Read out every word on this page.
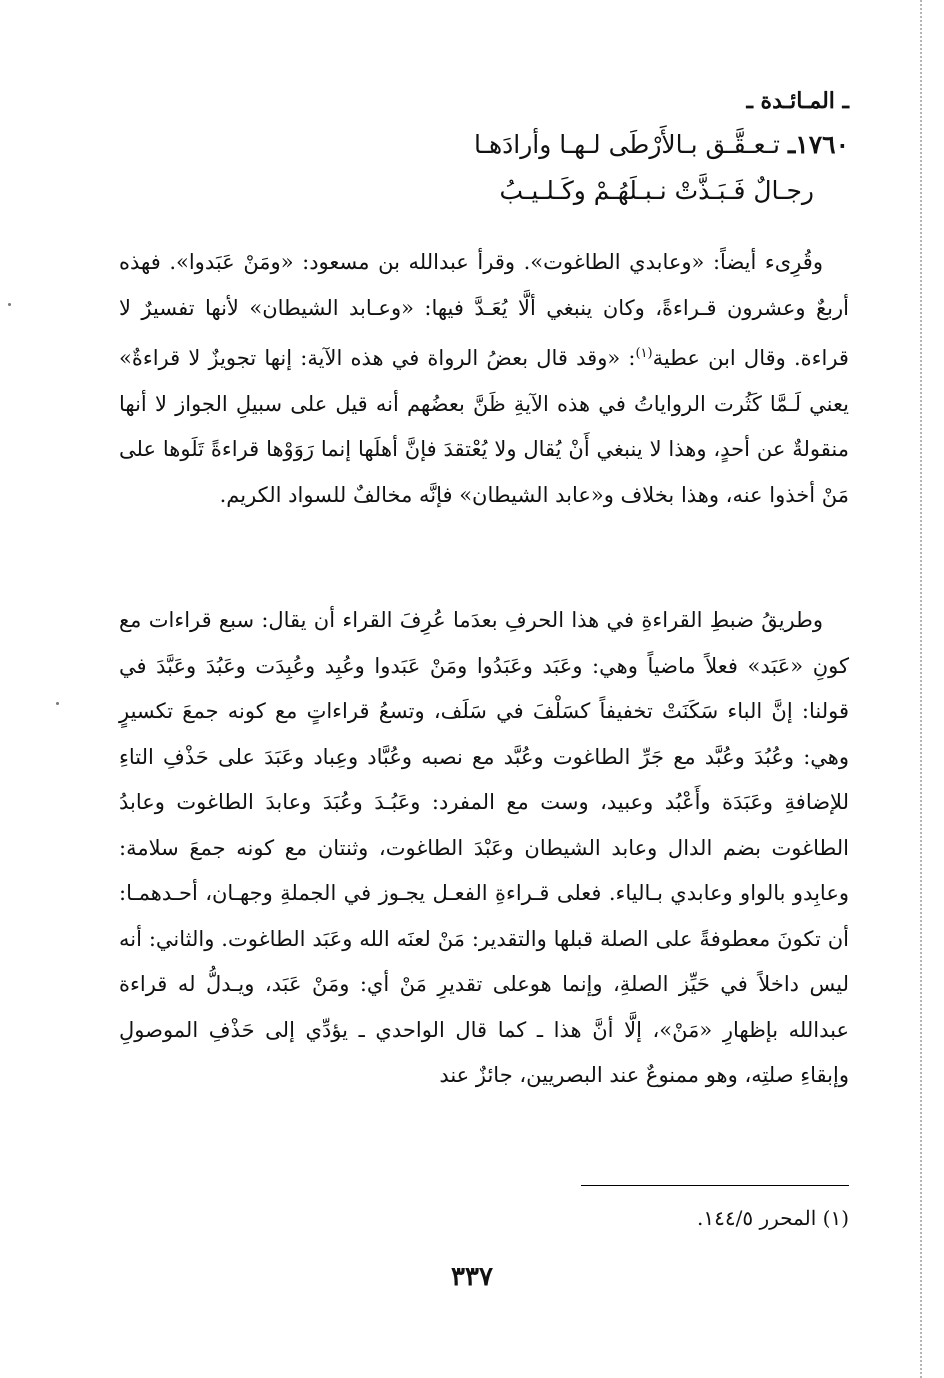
ـ المـائـدة ـ
١٧٦٠ـ تـعـقَّـق بـالأَرْطَى لـهـا وأرادَهـا
رجـالٌ فَـبَـذَّتْ نـبـلَهُـمْ وكَـلـيـبُ
وقُرِىء أيضاً: «وعابدي الطاغوت». وقرأ عبدالله بن مسعود: «ومَنْ عَبَدوا». فهذه أربعٌ وعشرون قـراءةً، وكان ينبغي ألَّا يُعَـدَّ فيها: «وعـابد الشيطان» لأنها تفسيرٌ لا قراءة. وقال ابن عطية$^{(١)}$: «وقد قال بعضُ الرواة في هذه الآية: إنها تجويزٌ لا قراءةٌ» يعني لَـمَّا كَثُرت الرواياتُ في هذه الآيةِ ظَنَّ بعضُهم أنه قيل على سبيلِ الجواز لا أنها منقولةٌ عن أحدٍ، وهذا لا ينبغي أَنْ يُقال ولا يُعْتقدَ فإنَّ أهلَها إنما رَوَوْها قراءةً تَلَوها على مَنْ أخذوا عنه، وهذا بخلاف و«عابد الشيطان» فإنَّه مخالفٌ للسواد الكريم.
وطريقُ ضبطِ القراءةِ في هذا الحرفِ بعدَما عُرِفَ القراء أن يقال: سبع قراءات مع كونِ «عَبَد» فعلاً ماضياً وهي: وعَبَد وعَبَدُوا ومَنْ عَبَدوا وعُبِد وعُبِدَت وعَبُدَ وعَبَّدَ في قولنا: إنَّ الباء سَكَنَتْ تخفيفاً كسَلْفَ في سَلَف، وتسعُ قراءاتٍ مع كونه جمعَ تكسيرٍ وهي: وعُبُدَ وعُبَّد مع جَرِّ الطاغوت وعُبَّد مع نصبه وعُبَّاد وعِباد وعَبَدَ على حَذْفِ التاءِ للإضافةِ وعَبَدَة وأَعْبُد وعبيد، وست مع المفرد: وعَبُـدَ وعُبَدَ وعابدَ الطاغوت وعابدُ الطاغوت بضم الدال وعابد الشيطان وعَبْدَ الطاغوت، وثنتان مع كونه جمعَ سلامة: وعابِدو بالواو وعابدي بـالياء. فعلى قـراءةِ الفعـل يجـوز في الجملةِ وجهـان، أحـدهمـا: أن تكونَ معطوفةً على الصلة قبلها والتقدير: مَنْ لعنَه الله وعَبَد الطاغوت. والثاني: أنه ليس داخلاً في حَيِّز الصلةِ، وإنما هوعلى تقديرِ مَنْ أي: ومَنْ عَبَد، ويـدلُّ له قراءة عبدالله بإظهارِ «مَنْ»، إلَّا أنَّ هذا ـ كما قال الواحدي ـ يؤدِّي إلى حَذْفِ الموصولِ وإبقاءِ صلتِه، وهو ممنوعٌ عند البصريين، جائزٌ عند
(١) المحرر ١٤٤/٥.
٣٣٧
